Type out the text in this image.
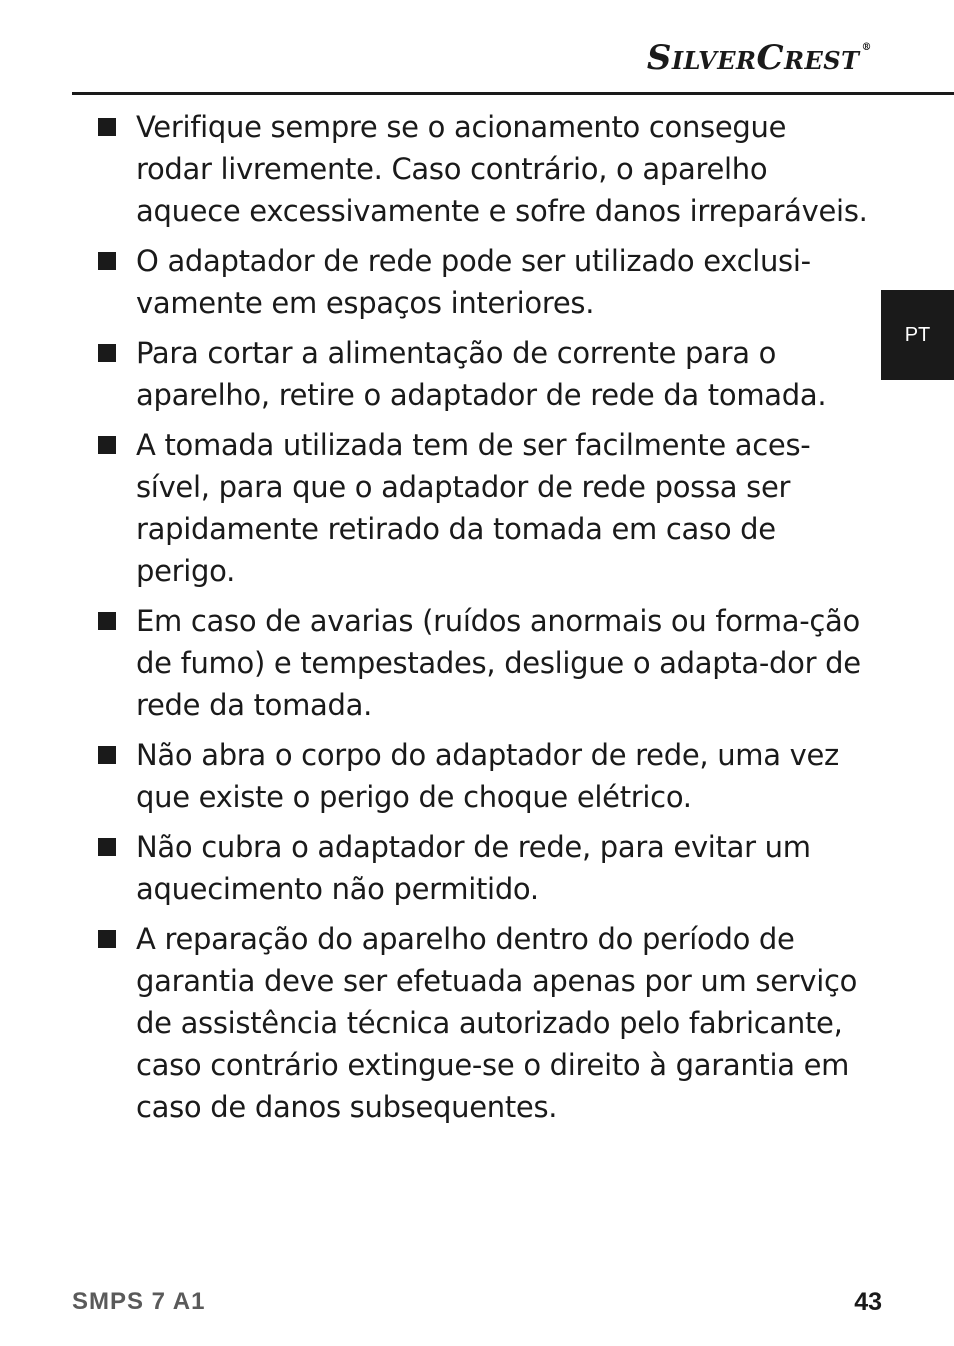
SILVERCREST ®
PT
Verifique sempre se o acionamento consegue rodar livremente. Caso contrário, o aparelho aquece excessivamente e sofre danos irreparáveis.
O adaptador de rede pode ser utilizado exclusi-vamente em espaços interiores.
Para cortar a alimentação de corrente para o aparelho, retire o adaptador de rede da tomada.
A tomada utilizada tem de ser facilmente aces-sível, para que o adaptador de rede possa ser rapidamente retirado da tomada em caso de perigo.
Em caso de avarias (ruídos anormais ou forma-ção de fumo) e tempestades, desligue o adapta-dor de rede da tomada.
Não abra o corpo do adaptador de rede, uma vez que existe o perigo de choque elétrico.
Não cubra o adaptador de rede, para evitar um aquecimento não permitido.
A reparação do aparelho dentro do período de garantia deve ser efetuada apenas por um serviço de assistência técnica autorizado pelo fabricante, caso contrário extingue-se o direito à garantia em caso de danos subsequentes.
SMPS 7 A1	43
